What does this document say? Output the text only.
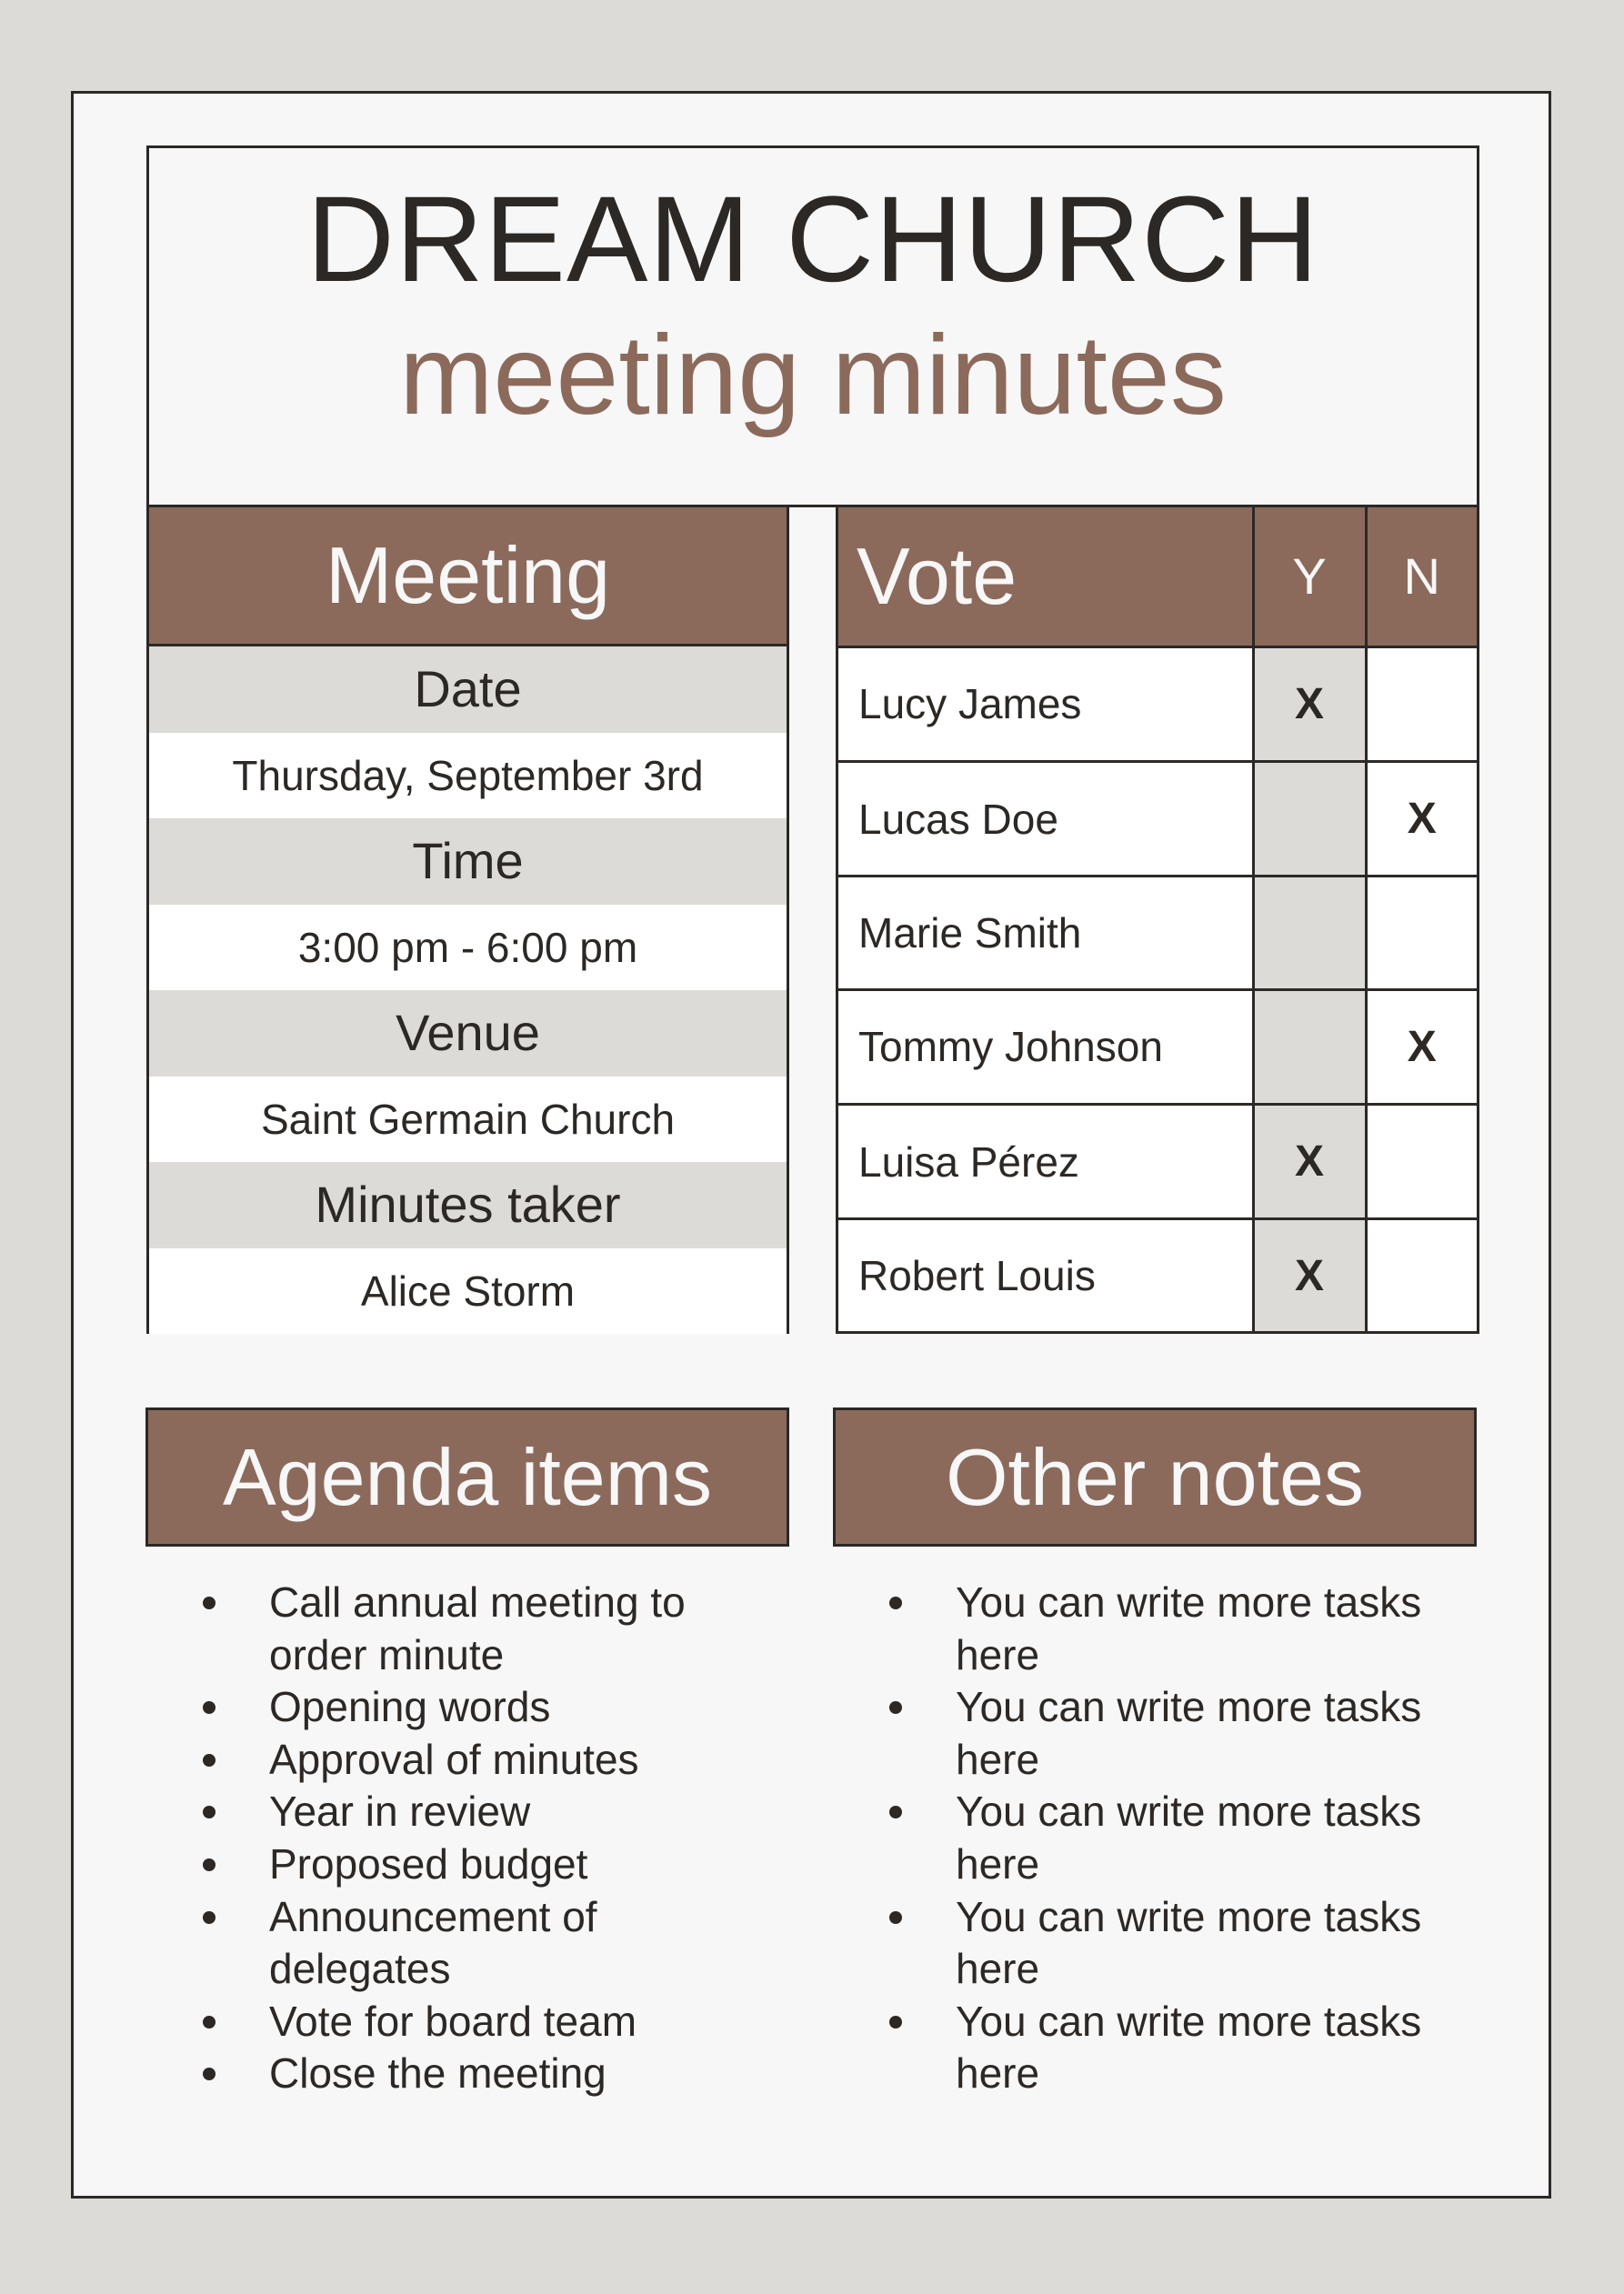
DREAM CHURCH
meeting minutes
Meeting
Date
Thursday, September 3rd
Time
3:00 pm - 6:00 pm
Venue
Saint Germain Church
Minutes taker
Alice Storm
Vote	Y	N
Lucy James	X	
Lucas Doe		X
Marie Smith		
Tommy Johnson		X
Luisa Pérez	X	
Robert Louis	X	
Agenda items	Other notes
Call annual meeting to order minute
Opening words
Approval of minutes
Year in review
Proposed budget
Announcement of delegates
Vote for board team
Close the meeting
You can write more tasks here
You can write more tasks here
You can write more tasks here
You can write more tasks here
You can write more tasks here
